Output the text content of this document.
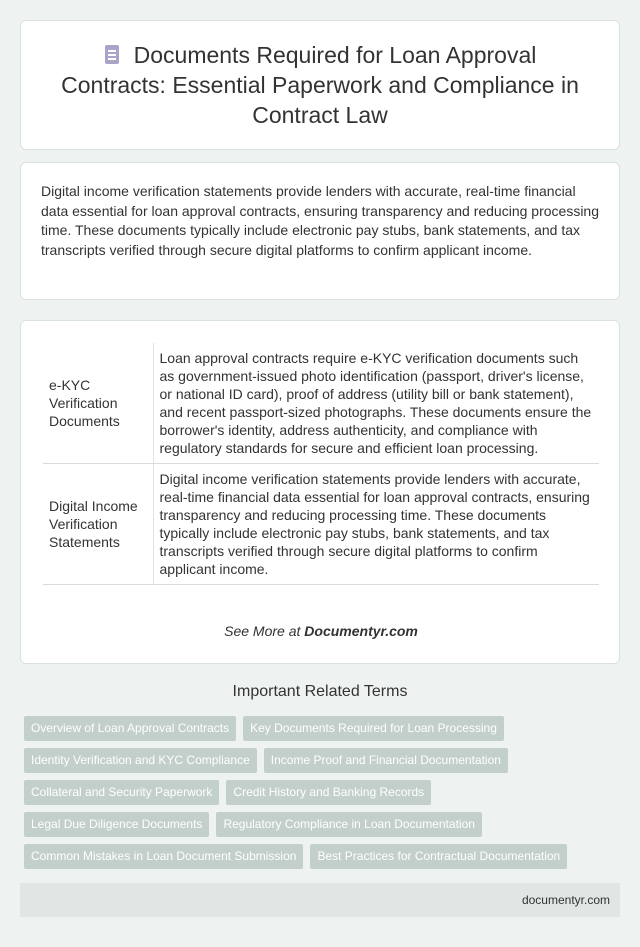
Documents Required for Loan Approval Contracts: Essential Paperwork and Compliance in Contract Law

Digital income verification statements provide lenders with accurate, real-time financial data essential for loan approval contracts, ensuring transparency and reducing processing time. These documents typically include electronic pay stubs, bank statements, and tax transcripts verified through secure digital platforms to confirm applicant income.

e-KYC Verification Documents	Loan approval contracts require e-KYC verification documents such as government-issued photo identification (passport, driver's license, or national ID card), proof of address (utility bill or bank statement), and recent passport-sized photographs. These documents ensure the borrower's identity, address authenticity, and compliance with regulatory standards for secure and efficient loan processing.
Digital Income Verification Statements	Digital income verification statements provide lenders with accurate, real-time financial data essential for loan approval contracts, ensuring transparency and reducing processing time. These documents typically include electronic pay stubs, bank statements, and tax transcripts verified through secure digital platforms to confirm applicant income.
See More at Documentyr.com
Important Related Terms
Overview of Loan Approval Contracts	Key Documents Required for Loan Processing
Identity Verification and KYC Compliance	Income Proof and Financial Documentation
Collateral and Security Paperwork	Credit History and Banking Records
Legal Due Diligence Documents	Regulatory Compliance in Loan Documentation
Common Mistakes in Loan Document Submission	Best Practices for Contractual Documentation
documentyr.com
